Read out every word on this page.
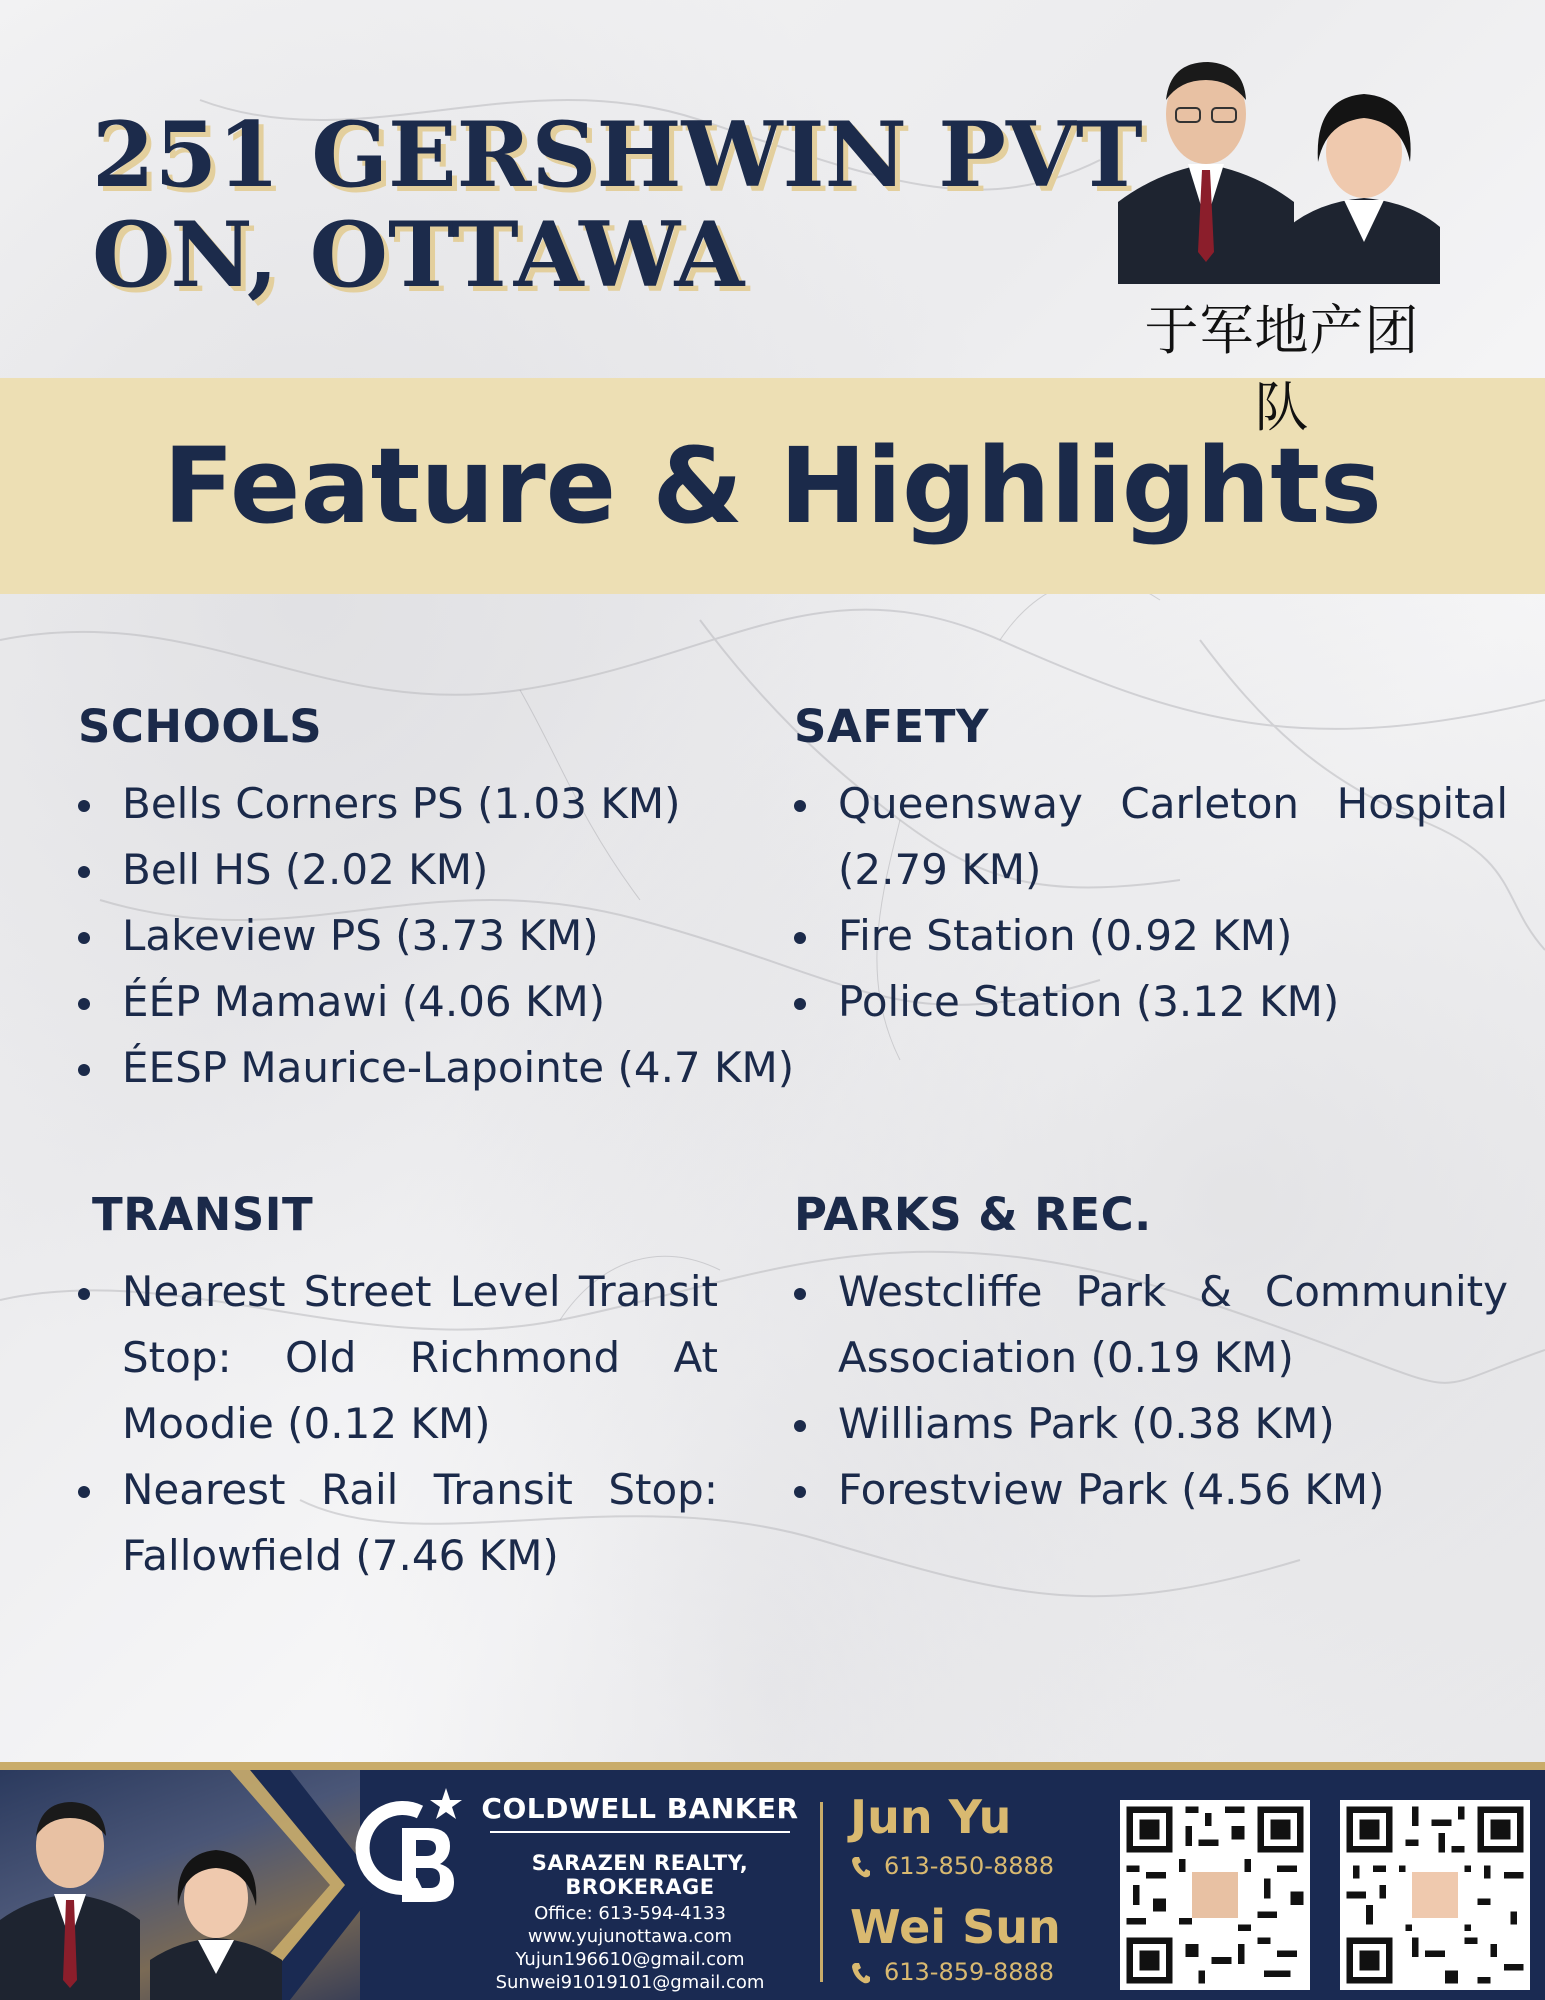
251 GERSHWIN PVT
ON, OTTAWA
于军地产团队
Feature & Highlights
SCHOOLS
Bells Corners PS (1.03 KM)
Bell HS (2.02 KM)
Lakeview PS (3.73 KM)
ÉÉP Mamawi (4.06 KM)
ÉESP Maurice-Lapointe (4.7 KM)
SAFETY
Queensway Carleton Hospital (2.79 KM)
Fire Station (0.92 KM)
Police Station (3.12 KM)
TRANSIT
Nearest Street Level Transit Stop: Old Richmond At Moodie (0.12 KM)
Nearest Rail Transit Stop: Fallowfield (7.46 KM)
PARKS & REC.
Westcliffe Park & Community Association (0.19 KM)
Williams Park (0.38 KM)
Forestview Park (4.56 KM)
COLDWELL BANKER
SARAZEN REALTY,
BROKERAGE
Office: 613-594-4133
www.yujunottawa.com
Yujun196610@gmail.com
Sunwei91019101@gmail.com
Jun Yu
613-850-8888
Wei Sun
613-859-8888
